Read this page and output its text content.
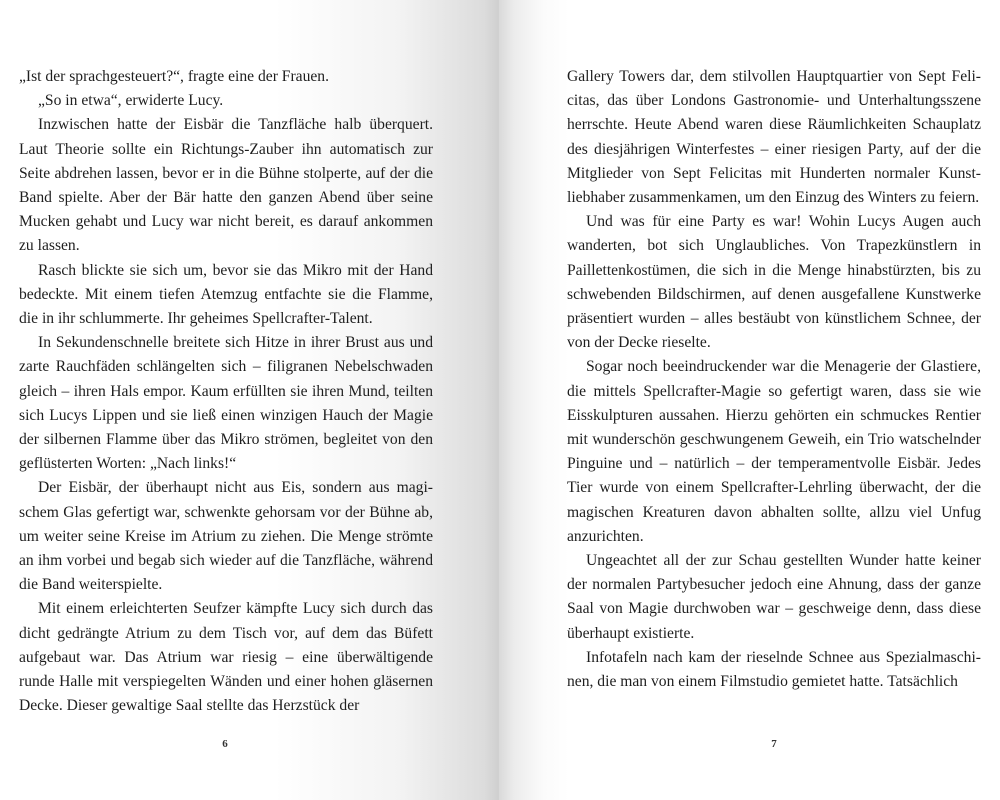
„Ist der sprachgesteuert?“, fragte eine der Frauen.

„So in etwa“, erwiderte Lucy.

Inzwischen hatte der Eisbär die Tanzfläche halb überquert. Laut Theorie sollte ein Richtungs-Zauber ihn automatisch zur Seite abdrehen lassen, bevor er in die Bühne stolperte, auf der die Band spielte. Aber der Bär hatte den ganzen Abend über seine Mucken gehabt und Lucy war nicht bereit, es darauf ankommen zu lassen.

Rasch blickte sie sich um, bevor sie das Mikro mit der Hand bedeckte. Mit einem tiefen Atemzug entfachte sie die Flamme, die in ihr schlummerte. Ihr geheimes Spellcrafter-Talent.

In Sekundenschnelle breitete sich Hitze in ihrer Brust aus und zarte Rauchfäden schlängelten sich – filigranen Nebelschwaden gleich – ihren Hals empor. Kaum erfüllten sie ihren Mund, teilten sich Lucys Lippen und sie ließ einen winzigen Hauch der Magie der silbernen Flamme über das Mikro strömen, begleitet von den geflüsterten Worten: „Nach links!“

Der Eisbär, der überhaupt nicht aus Eis, sondern aus magischem Glas gefertigt war, schwenkte gehorsam vor der Bühne ab, um weiter seine Kreise im Atrium zu ziehen. Die Menge strömte an ihm vorbei und begab sich wieder auf die Tanzfläche, während die Band weiterspielte.

Mit einem erleichterten Seufzer kämpfte Lucy sich durch das dicht gedrängte Atrium zu dem Tisch vor, auf dem das Büfett aufgebaut war. Das Atrium war riesig – eine überwältigende runde Halle mit verspiegelten Wänden und einer hohen gläsernen Decke. Dieser gewaltige Saal stellte das Herzstück der

6

Gallery Towers dar, dem stilvollen Hauptquartier von Sept Felicitas, das über Londons Gastronomie- und Unterhaltungsszene herrschte. Heute Abend waren diese Räumlichkeiten Schauplatz des diesjährigen Winterfestes – einer riesigen Party, auf der die Mitglieder von Sept Felicitas mit Hunderten normaler Kunstliebhaber zusammenkamen, um den Einzug des Winters zu feiern.

Und was für eine Party es war! Wohin Lucys Augen auch wanderten, bot sich Unglaubliches. Von Trapezkünstlern in Paillettenkostümen, die sich in die Menge hinabstürzten, bis zu schwebenden Bildschirmen, auf denen ausgefallene Kunstwerke präsentiert wurden – alles bestäubt von künstlichem Schnee, der von der Decke rieselte.

Sogar noch beeindruckender war die Menagerie der Glastiere, die mittels Spellcrafter-Magie so gefertigt waren, dass sie wie Eisskulpturen aussahen. Hierzu gehörten ein schmuckes Rentier mit wunderschön geschwungenem Geweih, ein Trio watschelnder Pinguine und – natürlich – der temperamentvolle Eisbär. Jedes Tier wurde von einem Spellcrafter-Lehrling überwacht, der die magischen Kreaturen davon abhalten sollte, allzu viel Unfug anzurichten.

Ungeachtet all der zur Schau gestellten Wunder hatte keiner der normalen Partybesucher jedoch eine Ahnung, dass der ganze Saal von Magie durchwoben war – geschweige denn, dass diese überhaupt existierte.

Infotafeln nach kam der rieselnde Schnee aus Spezialmaschinen, die man von einem Filmstudio gemietet hatte. Tatsächlich

7
